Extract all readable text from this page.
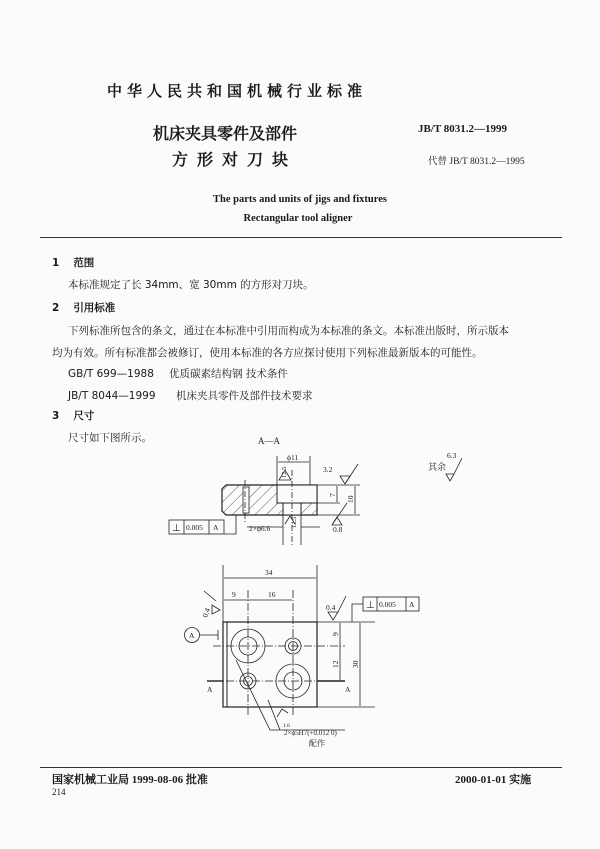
中华人民共和国机械行业标准
机床夹具零件及部件
方形对刀块
The parts and units of jigs and fixtures
Rectangular tool aligner
JB/T 8031.2—1999
代替 JB/T 8031.2—1995
1 范围
本标准规定了长 34mm、宽 30mm 的方形对刀块。
2 引用标准
下列标准所包含的条文，通过在本标准中引用而构成为本标准的条文。本标准出版时，所示版本
均为有效。所有标准都会被修订，使用本标准的各方应探讨使用下列标准最新版本的可能性。
GB/T 699—1988 优质碳素结构钢 技术条件
JB/T 8044—1999 机床夹具零件及部件技术要求
3 尺寸
尺寸如下图所示。	A—A
其余
6.3
ϕ11
12.5	3.2
0.8
7
10
2×ϕ6.6
12.5
⊥ 0.005 A
34
9	16
0.4	0.4	⊥ 0.005 A
A	9
12 30
A	A
1.6
2×ϕ5H7(+0.012 0)
配作
国家机械工业局 1999-08-06 批准	2000-01-01 实施
214
